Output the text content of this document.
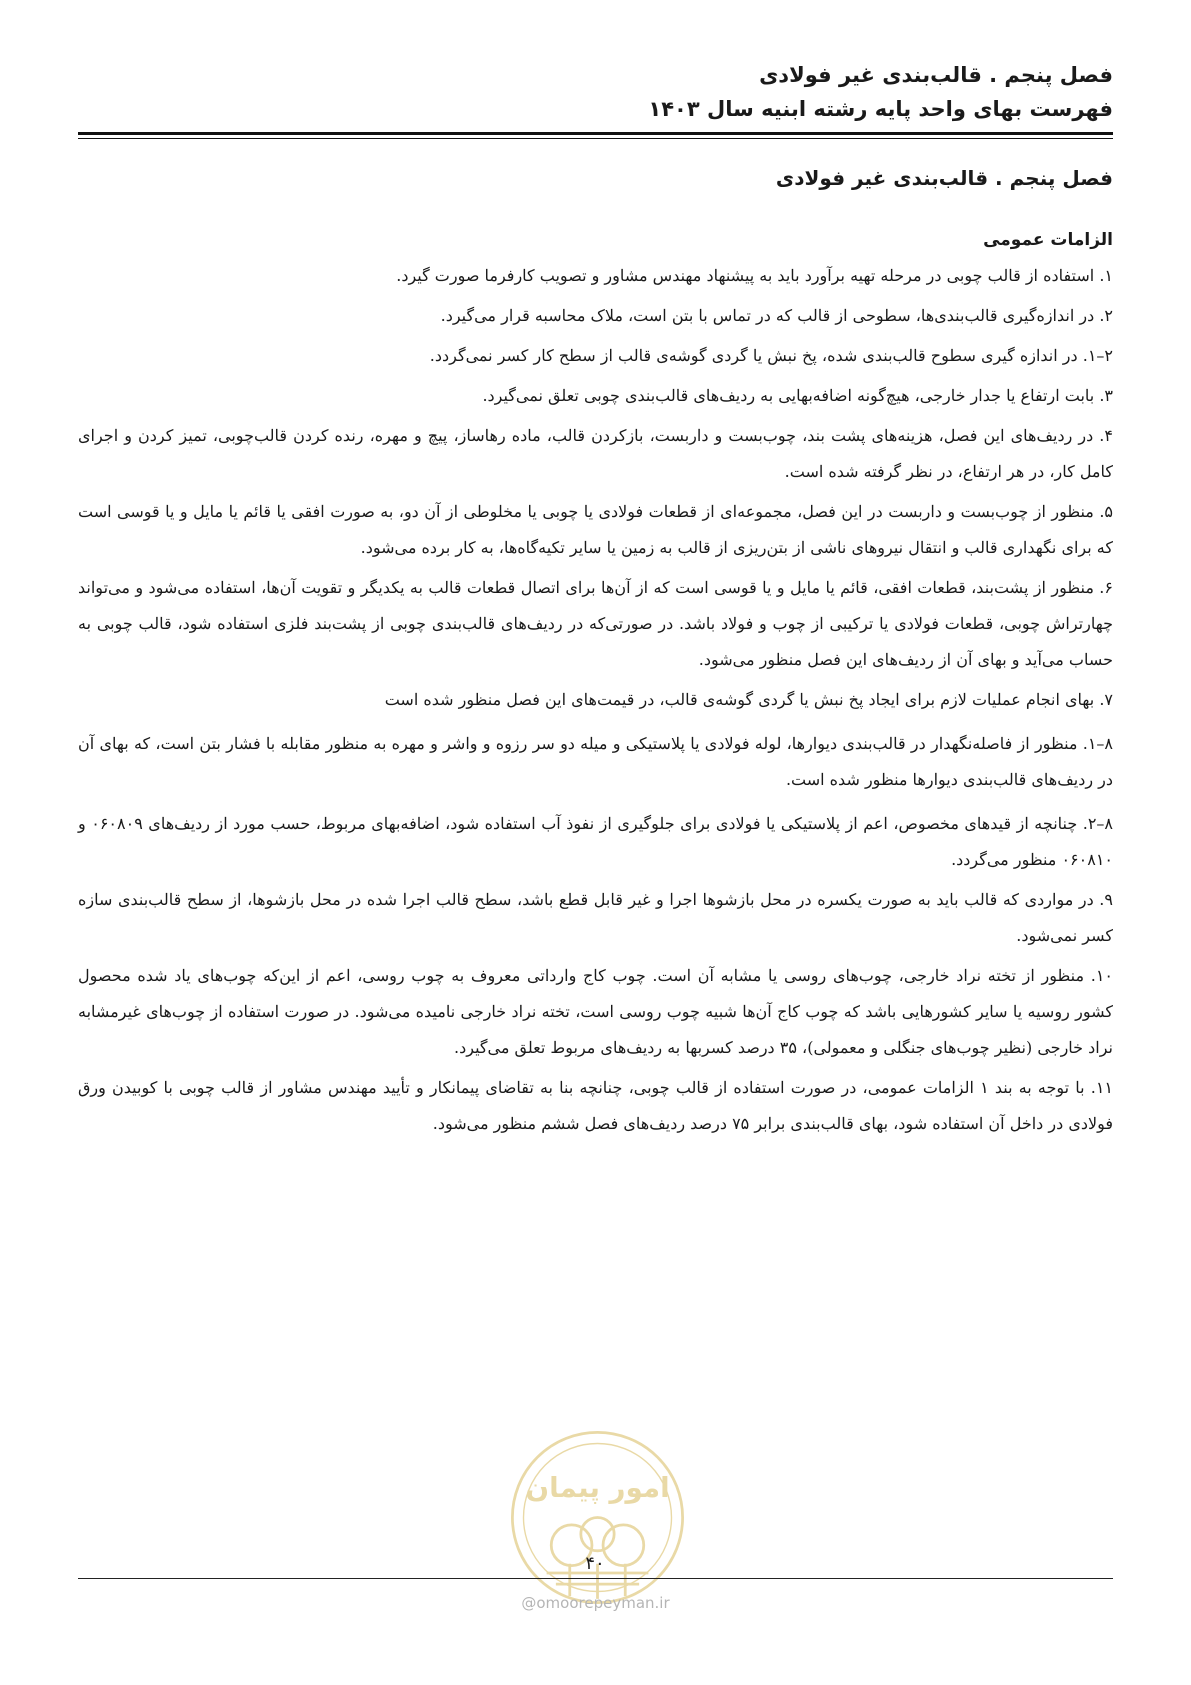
فصل پنجم . قالب‌بندی غیر فولادی
فهرست بهای واحد پایه رشته ابنیه سال ۱۴۰۳
فصل پنجم . قالب‌بندی غیر فولادی
الزامات عمومی

۱. استفاده از قالب چوبی در مرحله تهیه برآورد باید به پیشنهاد مهندس مشاور و تصویب کارفرما صورت گیرد.

۲. در اندازه‌گیری قالب‌بندی‌ها، سطوحی از قالب که در تماس با بتن است، ملاک محاسبه قرار می‌گیرد.

۲–۱. در اندازه گیری سطوح قالب‌بندی شده، پخ نبش یا گردی گوشه‌ی قالب از سطح کار کسر نمی‌گردد.

۳. بابت ارتفاع یا جدار خارجی، هیچ‌گونه اضافه‌بهایی به ردیف‌های قالب‌بندی چوبی تعلق نمی‌گیرد.

۴. در ردیف‌های این فصل، هزینه‌های پشت بند، چوب‌بست و داربست، بازکردن قالب، ماده رهاساز، پیچ و مهره، رنده کردن قالب‌چوبی، تمیز کردن و اجرای کامل کار، در هر ارتفاع، در نظر گرفته شده است.

۵. منظور از چوب‌بست و داربست در این فصل، مجموعه‌ای از قطعات فولادی یا چوبی یا مخلوطی از آن دو، به صورت افقی یا قائم یا مایل و یا قوسی است که برای نگهداری قالب و انتقال نیروهای ناشی از بتن‌ریزی از قالب به زمین یا سایر تکیه‌گاه‌ها، به کار برده می‌شود.

۶. منظور از پشت‌بند، قطعات افقی، قائم یا مایل و یا قوسی است که از آن‌ها برای اتصال قطعات قالب به یکدیگر و تقویت آن‌ها، استفاده می‌شود و می‌تواند چهارتراش چوبی، قطعات فولادی یا ترکیبی از چوب و فولاد باشد. در صورتی‌که در ردیف‌های قالب‌بندی چوبی از پشت‌بند فلزی استفاده شود، قالب چوبی به حساب می‌آید و بهای آن از ردیف‌های این فصل منظور می‌شود.

۷. بهای انجام عملیات لازم برای ایجاد پخ نبش یا گردی گوشه‌ی قالب، در قیمت‌های این فصل منظور شده است

۸–۱. منظور از فاصله‌نگهدار در قالب‌بندی دیوارها، لوله فولادی یا پلاستیکی و میله دو سر رزوه و واشر و مهره به منظور مقابله با فشار بتن است، که بهای آن در ردیف‌های قالب‌بندی دیوارها منظور شده است.

۸–۲. چنانچه از قیدهای مخصوص، اعم از پلاستیکی یا فولادی برای جلوگیری از نفوذ آب استفاده شود، اضافه‌بهای مربوط، حسب مورد از ردیف‌های ۰۶۰۸۰۹ و ۰۶۰۸۱۰ منظور می‌گردد.

۹. در مواردی که قالب باید به صورت یکسره در محل بازشوها اجرا و غیر قابل قطع باشد، سطح قالب اجرا شده در محل بازشوها، از سطح قالب‌بندی سازه کسر نمی‌شود.

۱۰. منظور از تخته نراد خارجی، چوب‌های روسی یا مشابه آن است. چوب کاج وارداتی معروف به چوب روسی، اعم از این‌که چوب‌های یاد شده محصول کشور روسیه یا سایر کشورهایی باشد که چوب کاج آن‌ها شبیه چوب روسی است، تخته نراد خارجی نامیده می‌شود. در صورت استفاده از چوب‌های غیرمشابه نراد خارجی (نظیر چوب‌های جنگلی و معمولی)، ۳۵ درصد کسربها به ردیف‌های مربوط تعلق می‌گیرد.

۱۱. با توجه به بند ۱ الزامات عمومی، در صورت استفاده از قالب چوبی، چنانچه بنا به تقاضای پیمانکار و تأیید مهندس مشاور از قالب چوبی با کوبیدن ورق فولادی در داخل آن استفاده شود، بهای قالب‌بندی برابر ۷۵ درصد ردیف‌های فصل ششم منظور می‌شود.

امور پیمان
۴۰
@omoorepeyman.ir
